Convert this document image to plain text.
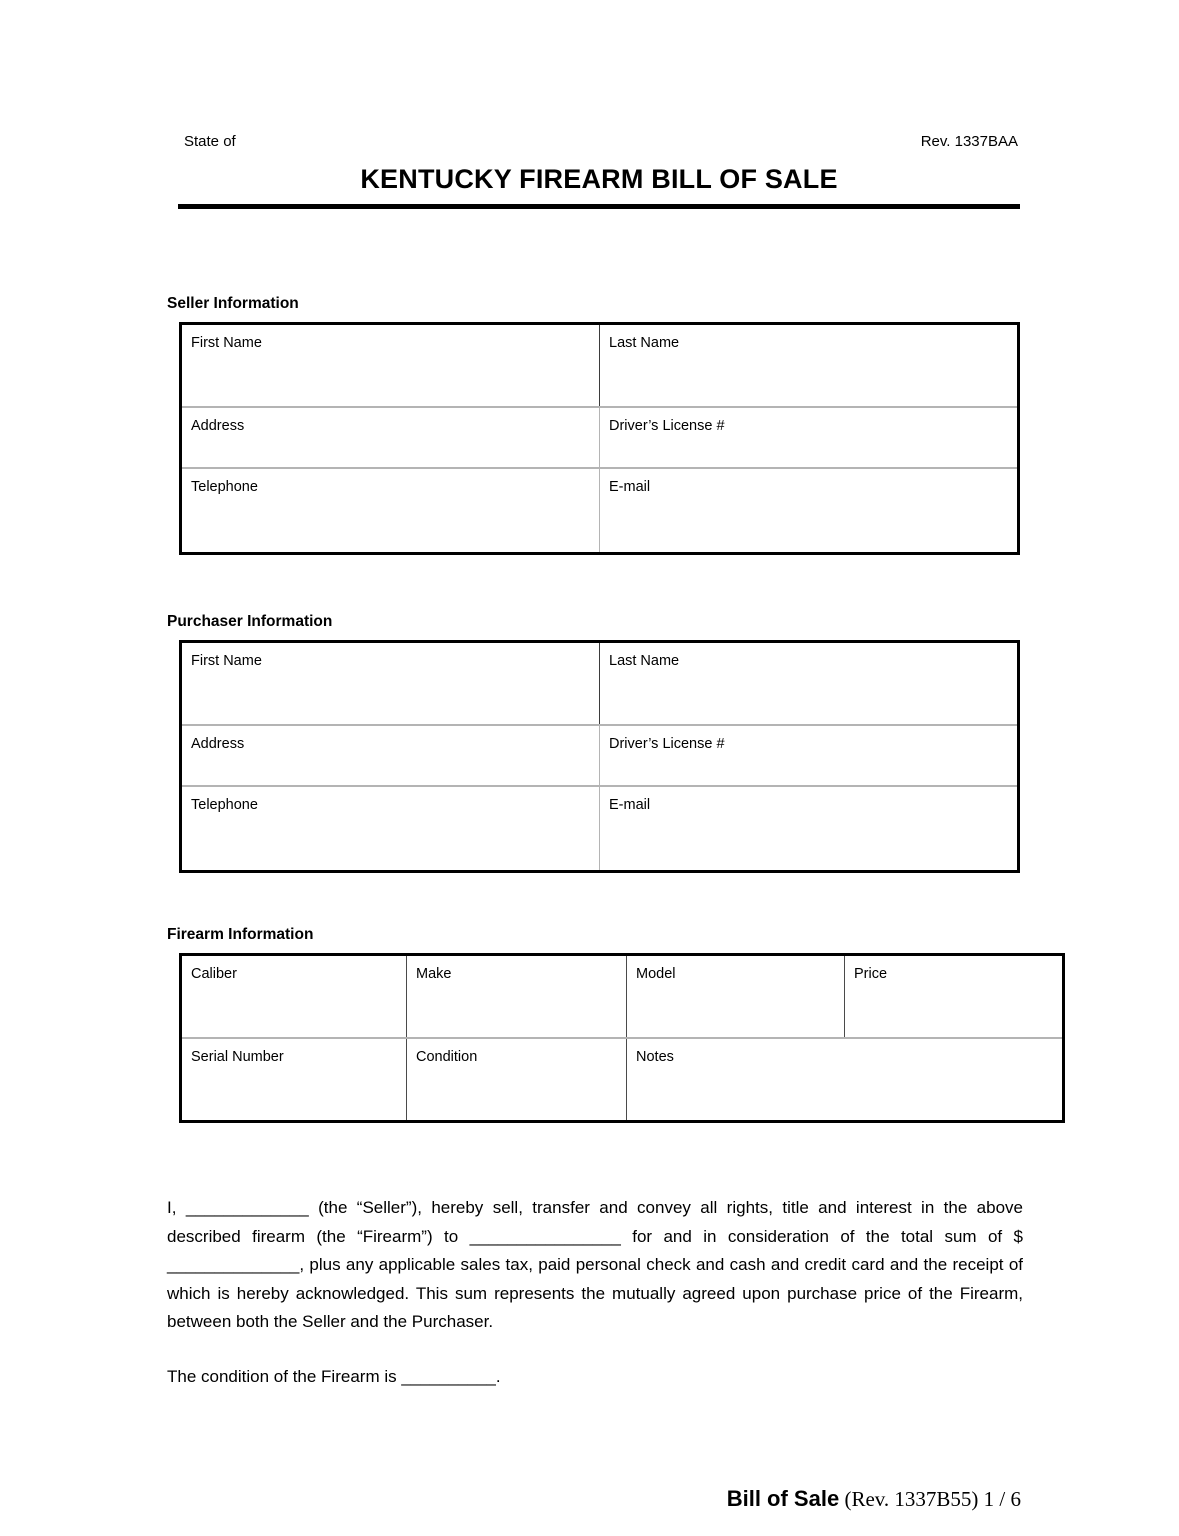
State of	Rev. 1337BAA
KENTUCKY FIREARM BILL OF SALE
Seller Information
First Name	Last Name

Address	Driver’s License #

Telephone	E-mail
Purchaser Information
First Name	Last Name

Address	Driver’s License #

Telephone	E-mail
Firearm Information
Caliber	Make	Model	Price

Serial Number	Condition	Notes	

I, _____________ (the “Seller”), hereby sell, transfer and convey all rights, title and interest in the above described firearm (the “Firearm”) to ________________ for and in consideration of the total sum of $ ______________, plus any applicable sales tax, paid personal check and cash and credit card and the receipt of which is hereby acknowledged. This sum represents the mutually agreed upon purchase price of the Firearm, between both the Seller and the Purchaser.

The condition of the Firearm is __________.

Bill of Sale (Rev. 1337B55) 1 / 6
